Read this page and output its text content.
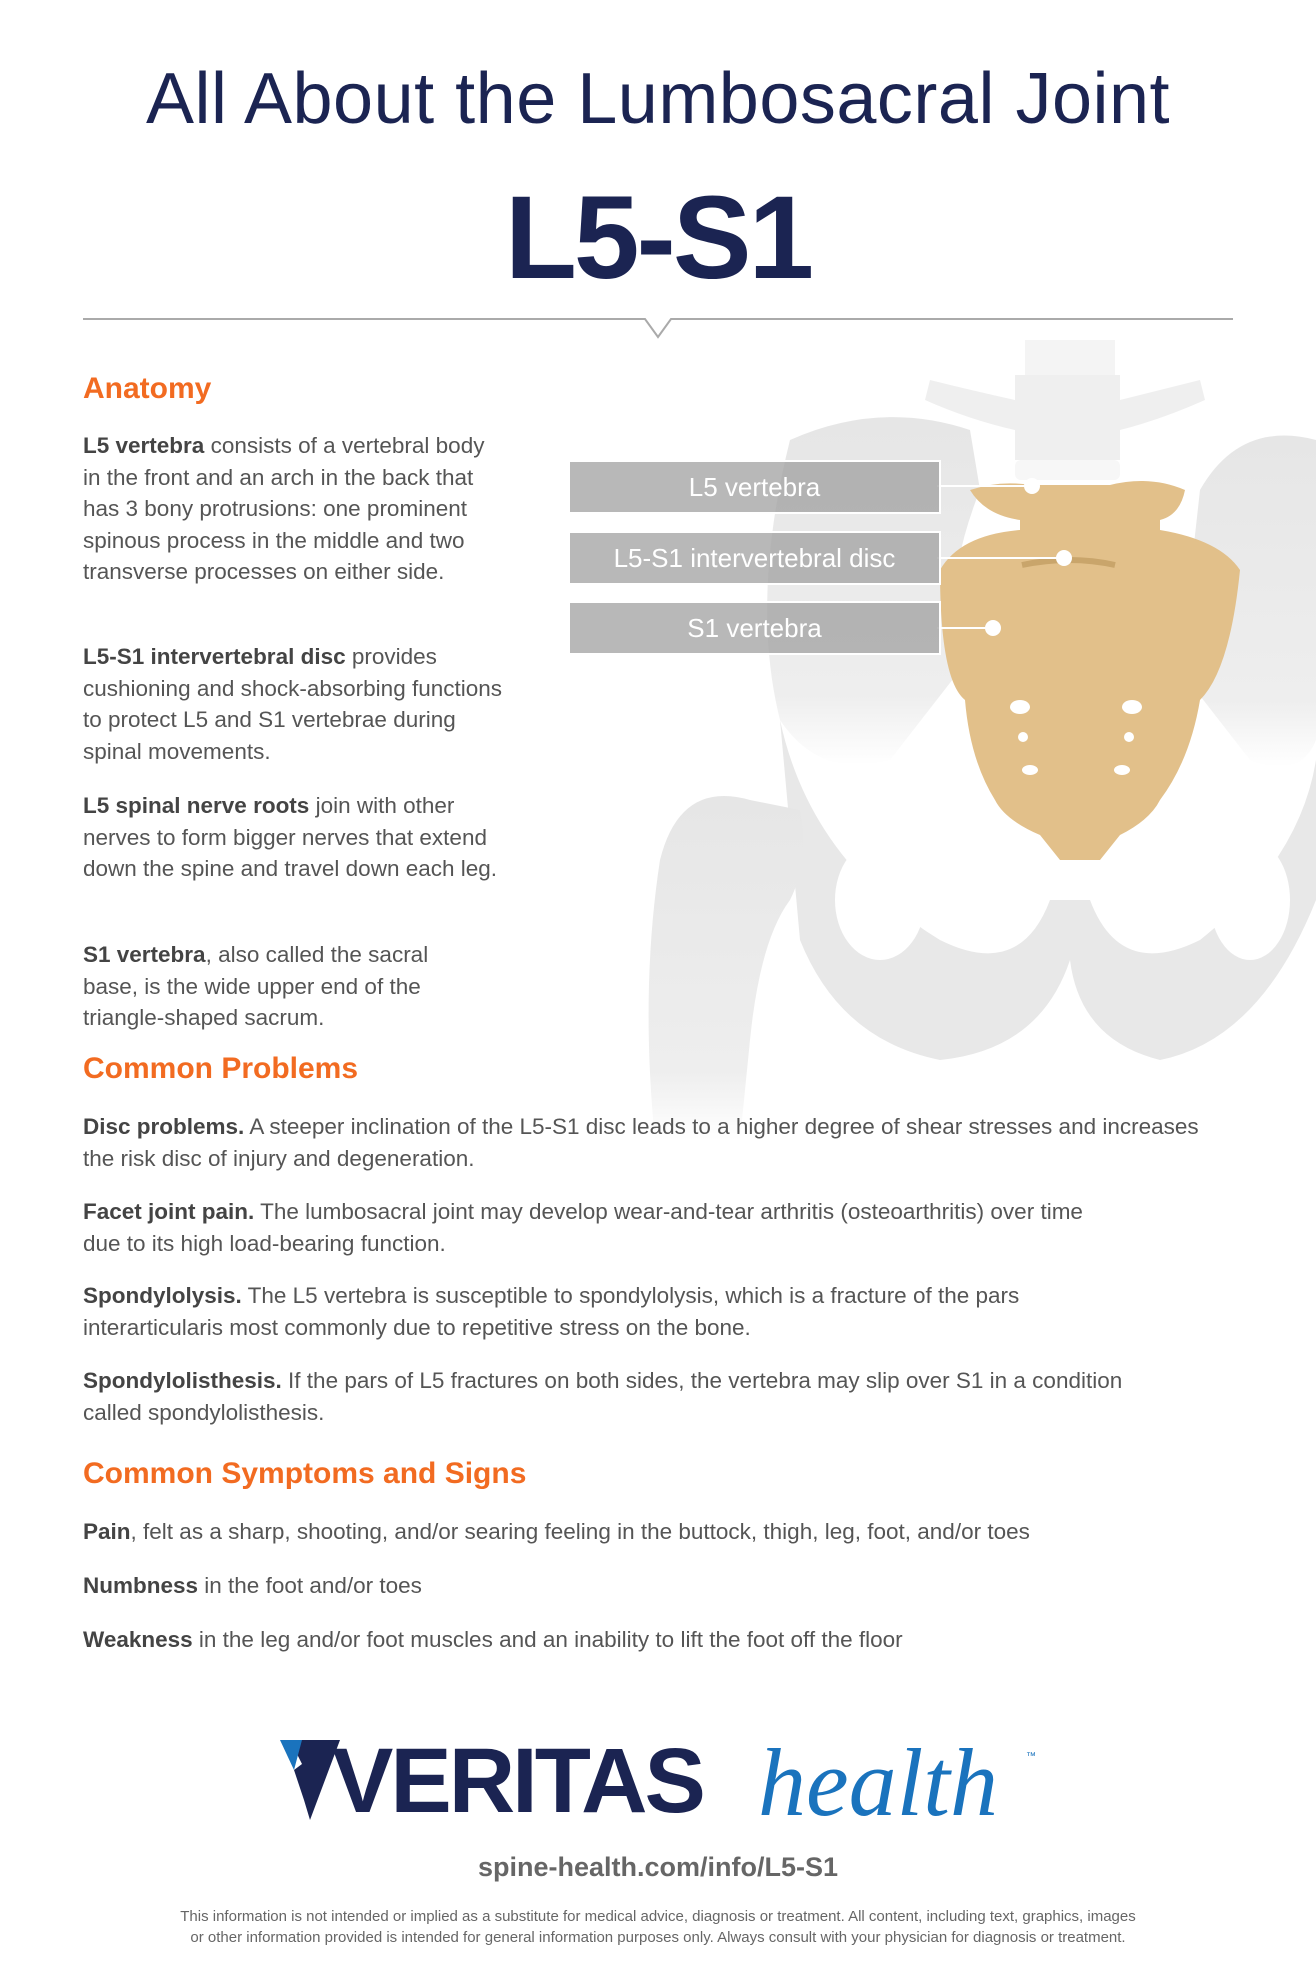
All About the Lumbosacral Joint
L5-S1
L5 vertebra
L5-S1 intervertebral disc
S1 vertebra
Anatomy
L5 vertebra consists of a vertebral body in the front and an arch in the back that has 3 bony protrusions: one prominent spinous process in the middle and two transverse processes on either side.
L5-S1 intervertebral disc provides cushioning and shock-absorbing functions to protect L5 and S1 vertebrae during spinal movements.
L5 spinal nerve roots join with other nerves to form bigger nerves that extend down the spine and travel down each leg.
S1 vertebra, also called the sacral base, is the wide upper end of the triangle-shaped sacrum.
Common Problems
Disc problems. A steeper inclination of the L5-S1 disc leads to a higher degree of shear stresses and increases the risk disc of injury and degeneration.
Facet joint pain. The lumbosacral joint may develop wear-and-tear arthritis (osteoarthritis) over time due to its high load-bearing function.
Spondylolysis. The L5 vertebra is susceptible to spondylolysis, which is a fracture of the pars interarticularis most commonly due to repetitive stress on the bone.
Spondylolisthesis. If the pars of L5 fractures on both sides, the vertebra may slip over S1 in a condition called spondylolisthesis.
Common Symptoms and Signs
Pain, felt as a sharp, shooting, and/or searing feeling in the buttock, thigh, leg, foot, and/or toes
Numbness in the foot and/or toes
Weakness in the leg and/or foot muscles and an inability to lift the foot off the floor
VERITAS health	™
spine-health.com/info/L5-S1
This information is not intended or implied as a substitute for medical advice, diagnosis or treatment. All content, including text, graphics, images
or other information provided is intended for general information purposes only. Always consult with your physician for diagnosis or treatment.
